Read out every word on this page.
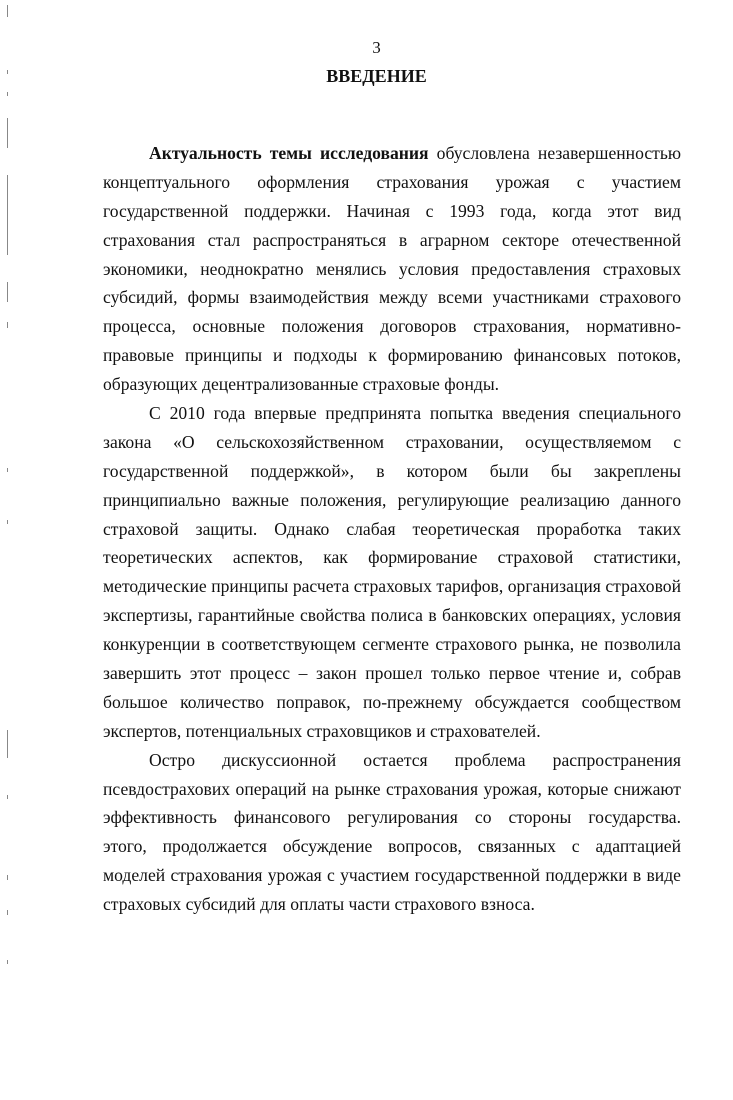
3
ВВЕДЕНИЕ
Актуальность темы исследования обусловлена незавершенностью
концептуального оформления страхования урожая с участием
государственной поддержки. Начиная с 1993 года, когда этот вид
страхования стал распространяться в аграрном секторе отечественной
экономики, неоднократно менялись условия предоставления страховых
субсидий, формы взаимодействия между всеми участниками страхового
процесса, основные положения договоров страхования, нормативно-
правовые принципы и подходы к формированию финансовых потоков,
образующих децентрализованные страховые фонды.
С 2010 года впервые предпринята попытка введения специального
закона «О сельскохозяйственном страховании, осуществляемом с
государственной поддержкой», в котором были бы закреплены
принципиально важные положения, регулирующие реализацию данного
страховой защиты. Однако слабая теоретическая проработка таких
теоретических аспектов, как формирование страховой статистики,
методические принципы расчета страховых тарифов, организация страховой
экспертизы, гарантийные свойства полиса в банковских операциях, условия
конкуренции в соответствующем сегменте страхового рынка, не позволила
завершить этот процесс – закон прошел только первое чтение и, собрав
большое количество поправок, по-прежнему обсуждается сообществом
экспертов, потенциальных страховщиков и страхователей.
Остро дискуссионной остается проблема распространения
псевдострахових операций на рынке страхования урожая, которые снижают
эффективность финансового регулирования со стороны государства.
этого, продолжается обсуждение вопросов, связанных с адаптацией
моделей страхования урожая с участием государственной поддержки в виде
страховых субсидий для оплаты части страхового взноса.
